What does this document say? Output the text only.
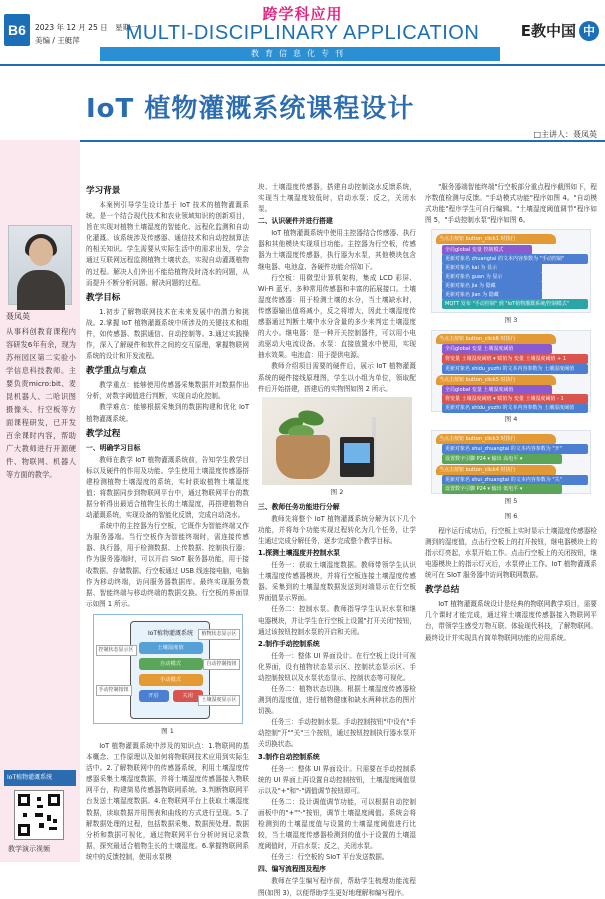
B6	2023 年 12 月 25 日　星期一
美编 / 王艇萍
跨学科应用
MULTI-DISCIPLINARY APPLICATION
教育信息化专刊
E教中国 中
IoT 植物灌溉系统课程设计
□主讲人：聂凤英
聂凤英
从事科创教育课程内容研发6年有余，现为苏州园区第二实验小学信息科技教师。主要负责micro:bit、麦昆机器人、二哈识图摄像头、行空板等方面课程研发，已开发百余课时内容，帮助广大教师进行开源硬件、物联网、机器人等方面的教学。
IoT植物灌溉系统
教学演示视频
学习背景

本案例引导学生设计基于 IoT 技术的植物灌溉系统。是一个结合现代技术和农业领域知识的创新项目，旨在实现对植物土壤湿度的智能化、远程化监测和自动化灌溉。该系统涉及传感器、通信技术和自动控制算法的相关知识。学生需要从实际生活中的需求出发，学会通过互联网远程监测植物土壤状态，实现自动灌溉植物的过程。解决人们外出不能给植物及时浇水的问题，从而提升不断分析问题、解决问题的过程。

教学目标

1.初步了解物联网技术在未来发展中的潜力和挑战。2.掌握 IoT 植物灌溉系统中所涉及的关键技术和组件，如传感器、数据通信、自动控制等。3.通过实践操作，深入了解硬件和软件之间的交互原理，掌握物联网系统的设计和开发流程。

教学重点与难点

教学重点：能够使用传感器采集数据并对数据作出分析，对数字阈值进行判断，实现自动化控制。

教学难点：能够根据采集到的数据构建和优化 IoT 植物灌溉系统。

教学过程
一、明确学习目标

教师在教学 IoT 植物灌溉系统前，告知学生教学目标以及硬件的作用及功能。学生使用土壤湿度传感器搭建检测植物土壤湿度的系统，实时获取植物土壤湿度值；将数据同步到物联网平台中，通过物联网平台的数据分析得出最适合植物生长的土壤湿度，再搭建植物自动灌溉系统，实现设备的智能化反馈，完成自动浇水。

系统中的主控器为行空板，它既作为智能终端又作为服务器端。当行空板作为智能终端时，需连接传感器、执行器，用于检测数据、上传数据、控制执行器；作为服务器端时，可以开启 SIoT 服务器功能，用于接收数据、存储数据。行空板通过 USB 线连接电脑，电脑作为移动终端，访问服务器数据库。最终实现服务数据、智能终端与移动终端的数据交换。行空板的界面显示如图 1 所示。

IoT植物灌溉系统
土壤湿度值
自动模式
手动模式
开启	关闭
控制状态显示区
手动控制按钮
植物状态显示区
自动控制按钮
土壤湿度显示区

图 1

IoT 植物灌溉系统中涉及的知识点：1.物联网的基本概念、工作原理以及如何将物联网技术应用到实际生活中。2.了解物联网中的传感器系统，利用土壤湿度传感器采集土壤湿度数据，并将土壤湿度传感器接入物联网平台，构建简易传感器物联网系统。3.判断物联网平台发送土壤湿度数据。4.在物联网平台上获取土壤湿度数据，读取数据并用图表和曲线的方式进行呈现。5.了解数据处理的过程，包括数据采集、数据预处理、数据分析和数据可视化，通过物联网平台分析时间记录数据，探究最适合植物生长的土壤湿度。6.掌握物联网系统中的反馈控制，使用水泵模

块、土壤湿度传感器，搭建自动控制浇水反馈系统，实现当土壤湿度较低时，启动水泵；反之，关闭水泵。

二、认识硬件并进行搭建

IoT 植物灌溉系统中使用主控器结合传感器、执行器和其他模块实现项目功能。主控器为行空板，传感器为土壤湿度传感器，执行器为水泵，其他模块包含继电器、电池盒、各硬件功能介绍如下。

行空板：用微型计算机架构，集成 LCD 彩屏、Wi-Fi 蓝牙、多种常用传感器和丰富的拓展接口。土壤湿度传感器：用于检测土壤的水分，当土壤缺水时，传感器输出值将减小，反之将增大，因此土壤湿度传感器通过判断土壤中水分含量的多少来判定土壤湿度的大小。继电器：是一种开关控制器件，可以用小电流驱动大电流设备。水泵：直接放置水中使用，实现抽水效果。电池盒：用于提供电源。

教师介绍项目需要的硬件后，展示 IoT 植物灌溉系统的硬件接线原理图，学生以小组为单位，领取配件后开始搭建，搭建后的实物图如图 2 所示。

图 2

三、教师任务功能进行分解

教师先将整个 IoT 植物灌溉系统分解为以下几个功能，并将每个功能实现过程转化为几个任务，让学生通过完成分解任务，逐步完成整个教学目标。

1.探测土壤湿度并控制水泵

任务一：获取土壤湿度数据。教师带领学生认识土壤湿度传感器模块，并将行空板连接土壤湿度传感器。采集到的土壤湿度数据发送到对端显示在行空板界面值显示界面。

任务二：控制水泵。教师指导学生认识水泵和继电器模块，并让学生在行空板上设置"打开关闭"按钮，通过该按钮控制水泵的开启和关闭。

2.制作手动控制系统

任务一：整体 UI 界面设计。在行空板上设计可视化界面，设有植物状态显示区、控制状态显示区、手动控制按钮以及水泵状态显示、控制状态等可视化。

任务二：植物状态切换。根据土壤湿度传感器检测到的湿度值，进行植物健康和缺水两种状态的图片切换。

任务三：手动控制水泵。手动控制按钮"中设有"手动控制"开""关"三个按钮，通过按钮控制执行器水泵开关切换状态。

3.制作自动控制系统

任务一：整体 UI 界面设计。只需要在手动控制系统的 UI 界面上再设置自动控制按钮，土壤湿度阈值显示以及"+"和"-"调值调节按钮即可。

任务二：设计调值调节功能，可以根据自动控制面板中的"+""-"按钮，调节土壤湿度阈值。系统会将检测到的土壤湿度值与设置的土壤湿度阈值进行比较，当土壤湿度传感器检测到的值小于设置的土壤湿度阈值时，开启水泵；反之，关闭水泵。

任务三：行空板的 SIoT 平台发送数据。

四、编写流程图及程序

教师在学生编写程序前，帮助学生梳理功能流程图(如图 3)，以便帮助学生更好地理解和编写程序。

"服务器端智能终端"行空板部分重点程序截图如下，程序数值检测与反馈。"手动模式功能"程序如图 4。"自动模式功能"程序学生可自行编辑。"土壤湿度阈值调节"程序如图 5，"手动控制水泵"程序如图 6。

当点击按钮 button_click1 时执行
全局global 变量 控制模式
更新对象名 zhuangtai 的文本内容参数为 "手动控制"
更新对象名 kai 为 显示
更新对象名 guan 为 显示
更新对象名 jia 为 隐藏
更新对象名 jian 为 隐藏
MQTT 发布 "手动控制" 到 "IoT植物灌溉系统/控制模式"

图 3

当点击按钮 button_click6 时执行
全局global 变量 土壤湿度阈值
将变量 土壤湿度阈值 ▾ 赋值为 变量 土壤湿度阈值 + 1
更新对象名 shidu_yuzhi 的文本内容参数为 土壤湿度阈值
当点击按钮 button_click5 时执行
全局global 变量 土壤湿度阈值
将变量 土壤湿度阈值 ▾ 赋值为 变量 土壤湿度阈值 - 1
更新对象名 shidu_yuzhi 的文本内容参数为 土壤湿度阈值

图 4

当点击按钮 button_click3 时执行
更新对象名 shui_zhuangtai 的文本内容参数为 "开"
设置数字引脚 P24 ▾ 输出 高电平 ▾
当点击按钮 button_click4 时执行
更新对象名 shui_zhuangtai 的文本内容参数为 "关"
设置数字引脚 P24 ▾ 输出 低电平 ▾

图 5

图 6

程序运行成功后，行空板上实时显示土壤湿度传感器检测到的湿度值，点击行空板上的打开按钮，继电器模块上的指示灯亮起，水泵开始工作。点击行空板上的关闭按钮，继电器模块上的指示灯灭后，水泵停止工作。IoT 植物灌溉系统可在 SIoT 服务器中访问物联网数据。

教学总结

IoT 植物灌溉系统设计是经典的物联网教学项目，需要几个课时才能完成，通过将土壤湿度传感器接入物联网平台，带领学生感受万物互联、体验现代科技，了解物联网。最终设计并实现具有简单物联网功能的应用系统。
